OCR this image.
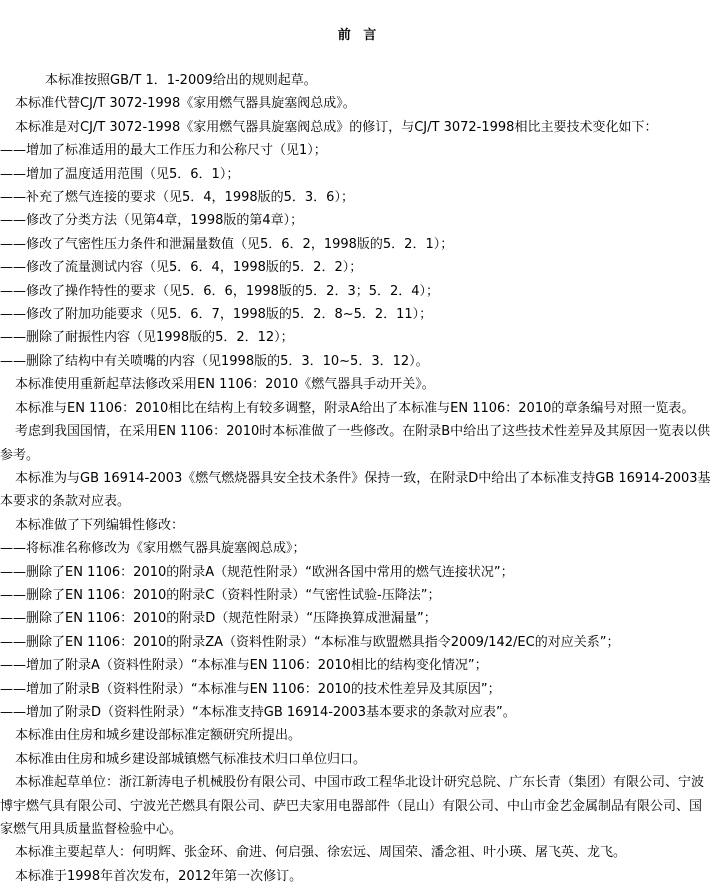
前 言

本标准按照GB/T 1．1-2009给出的规则起草。

本标准代替CJ/T 3072-1998《家用燃气器具旋塞阀总成》。

本标准是对CJ/T 3072-1998《家用燃气器具旋塞阀总成》的修订，与CJ/T 3072-1998相比主要技术变化如下：

——增加了标准适用的最大工作压力和公称尺寸（见1）；

——增加了温度适用范围（见5．6．1）；

——补充了燃气连接的要求（见5．4，1998版的5．3．6）；

——修改了分类方法（见第4章，1998版的第4章）；

——修改了气密性压力条件和泄漏量数值（见5．6．2，1998版的5．2．1）；

——修改了流量测试内容（见5．6．4，1998版的5．2．2）；

——修改了操作特性的要求（见5．6．6，1998版的5．2．3；5．2．4）；

——修改了附加功能要求（见5．6．7，1998版的5．2．8~5．2．11）；

——删除了耐振性内容（见1998版的5．2．12）；

——删除了结构中有关喷嘴的内容（见1998版的5．3．10~5．3．12）。

本标准使用重新起草法修改采用EN 1106：2010《燃气器具手动开关》。

本标准与EN 1106：2010相比在结构上有较多调整，附录A给出了本标准与EN 1106：2010的章条编号对照一览表。

考虑到我国国情，在采用EN 1106：2010时本标准做了一些修改。在附录B中给出了这些技术性差异及其原因一览表以供参考。

本标准为与GB 16914-2003《燃气燃烧器具安全技术条件》保持一致，在附录D中给出了本标准支持GB 16914-2003基本要求的条款对应表。

本标准做了下列编辑性修改：

——将标准名称修改为《家用燃气器具旋塞阀总成》；

——删除了EN 1106：2010的附录A（规范性附录）“欧洲各国中常用的燃气连接状况”；

——删除了EN 1106：2010的附录C（资料性附录）“气密性试验-压降法”；

——删除了EN 1106：2010的附录D（规范性附录）“压降换算成泄漏量”；

——删除了EN 1106：2010的附录ZA（资料性附录）“本标准与欧盟燃具指令2009/142/EC的对应关系”；

——增加了附录A（资料性附录）“本标准与EN 1106：2010相比的结构变化情况”；

——增加了附录B（资料性附录）“本标准与EN 1106：2010的技术性差异及其原因”；

——增加了附录D（资料性附录）“本标准支持GB 16914-2003基本要求的条款对应表”。

本标准由住房和城乡建设部标准定额研究所提出。

本标准由住房和城乡建设部城镇燃气标准技术归口单位归口。

本标准起草单位：浙江新涛电子机械股份有限公司、中国市政工程华北设计研究总院、广东长青（集团）有限公司、宁波博宇燃气具有限公司、宁波光芒燃具有限公司、萨巴夫家用电器部件（昆山）有限公司、中山市金艺金属制品有限公司、国家燃气用具质量监督检验中心。

本标准主要起草人：何明辉、张金环、俞进、何启强、徐宏远、周国荣、潘念祖、叶小瑛、屠飞英、龙飞。

本标准于1998年首次发布，2012年第一次修订。
